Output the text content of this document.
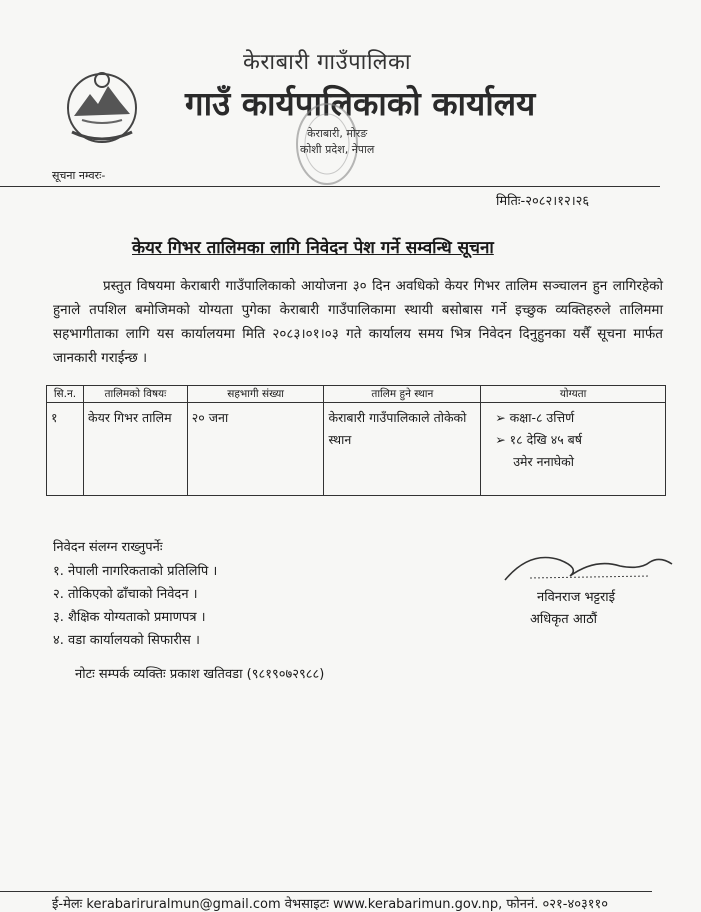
केराबारी गाउँपालिका
गाउँ कार्यपालिकाको कार्यालय
केराबारी, मोरङ
कोशी प्रदेश, नेपाल
सूचना नम्वरः-
मितिः-२०८२।१२।२६
केयर गिभर तालिमका लागि निवेदन पेश गर्ने सम्वन्धि सूचना
प्रस्तुत विषयमा केराबारी गाउँपालिकाको आयोजना ३० दिन अवधिको केयर गिभर तालिम सञ्चालन हुन लागिरहेको हुनाले तपशिल बमोजिमको योग्यता पुगेका केराबारी गाउँपालिकामा स्थायी बसोबास गर्ने इच्छुक व्यक्तिहरुले तालिममा सहभागीताका लागि यस कार्यालयमा मिति २०८३।०१।०३ गते कार्यालय समय भित्र निवेदन दिनुहुनका यसैँ सूचना मार्फत जानकारी गराईन्छ ।
सि.न.	तालिमको विषयः	सहभागी संख्या	तालिम हुने स्थान	योग्यता
१	केयर गिभर तालिम	२० जना	केराबारी गाउँपालिकाले तोकेको स्थान	➢ कक्षा-८ उत्तिर्ण
➢ १८ देखि ४५ बर्ष
उमेर ननाघेको
निवेदन संलग्न राख्नुपर्नेः
१. नेपाली नागरिकताको प्रतिलिपि ।
२. तोकिएको ढाँचाको निवेदन ।
३. शैक्षिक योग्यताको प्रमाणपत्र ।
४. वडा कार्यालयको सिफारीस ।
नविनराज भट्टराई
अधिकृत आठौं
नोटः सम्पर्क व्यक्तिः प्रकाश खतिवडा (९८१९०७२९८८)
ई-मेलः kerabariruralmun@gmail.com वेभसाइटः www.kerabarimun.gov.np, फोननं. ०२१-४०३११०
